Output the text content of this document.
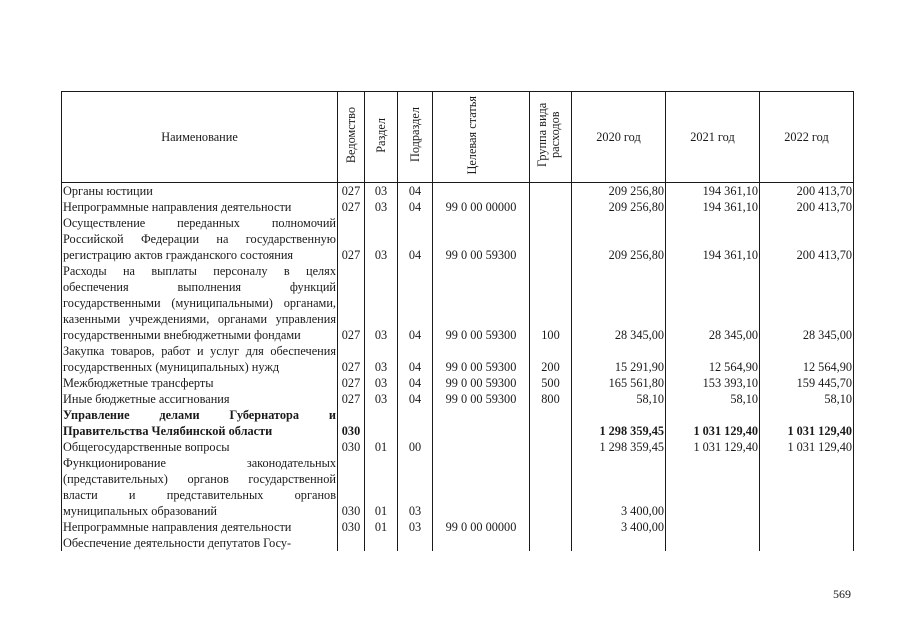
Наименование	Ведомство	Раздел	Подраздел	Целевая статья	Группа вида расходов	2020 год	2021 год	2022 год
Органы юстиции	027	03	04			209 256,80	194 361,10	200 413,70
Непрограммные направления деятельности	027	03	04	99 0 00 00000		209 256,80	194 361,10	200 413,70
Осуществление переданных полномочий Российской Федерации на государственную регистрацию актов гражданского состояния	027	03	04	99 0 00 59300		209 256,80	194 361,10	200 413,70
Расходы на выплаты персоналу в целях обеспечения выполнения функций государственными (муниципальными) органами, казенными учреждениями, органами управления государственными внебюджетными фондами	027	03	04	99 0 00 59300	100	28 345,00	28 345,00	28 345,00
Закупка товаров, работ и услуг для обеспечения государственных (муниципальных) нужд	027	03	04	99 0 00 59300	200	15 291,90	12 564,90	12 564,90
Межбюджетные трансферты	027	03	04	99 0 00 59300	500	165 561,80	153 393,10	159 445,70
Иные бюджетные ассигнования	027	03	04	99 0 00 59300	800	58,10	58,10	58,10
Управление делами Губернатора и Правительства Челябинской области	030					1 298 359,45	1 031 129,40	1 031 129,40
Общегосударственные вопросы	030	01	00			1 298 359,45	1 031 129,40	1 031 129,40
Функционирование законодательных (представительных) органов государственной власти и представительных органов муниципальных образований	030	01	03			3 400,00		
Непрограммные направления деятельности	030	01	03	99 0 00 00000		3 400,00		
Обеспечение деятельности депутатов Госу-								
569
